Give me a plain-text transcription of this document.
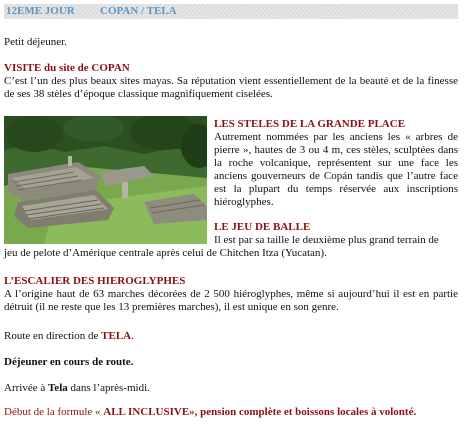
12EME JOUR COPAN / TELA
Petit déjeuner.
VISITE du site de COPAN
C’est l’un des plus beaux sites mayas. Sa réputation vient essentiellement de la beauté et de la finesse de ses 38 stèles d’époque classique magnifiquement ciselées.
LES STELES DE LA GRANDE PLACE
Autrement nommées par les anciens les « arbres de pierre », hautes de 3 ou 4 m, ces stèles, sculptées dans la roche volcanique, représentent sur une face les anciens gouverneurs de Copán tandis que l’autre face est la plupart du temps réservée aux inscriptions hiéroglyphes.
LE JEU DE BALLE
Il est par sa taille le deuxième plus grand terrain de
jeu de pelote d’Amérique centrale après celui de Chitchen Itza (Yucatan).
L’ESCALIER DES HIEROGLYPHES
A l’origine haut de 63 marches décorées de 2 500 hiéroglyphes, même si aujourd’hui il est en partie détruit (il ne reste que les 13 premières marches), il est unique en son genre.
Route en direction de TELA.
Déjeuner en cours de route.
Arrivée à Tela dans l’après-midi.
Début de la formule « ALL INCLUSIVE», pension complète et boissons locales à volonté.
